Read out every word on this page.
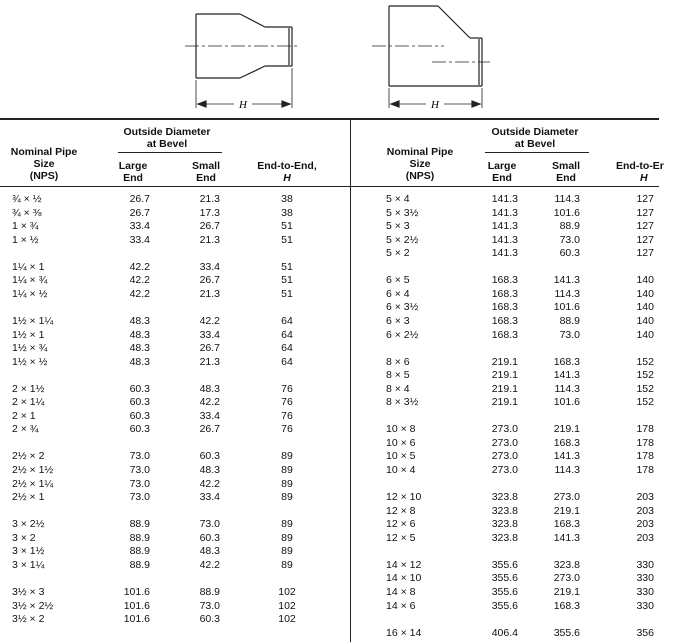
H	H
Outside Diameter
at Bevel
Nominal Pipe
Size
(NPS)
Large
End
Small
End
End-to-End,
H
Outside Diameter
at Bevel
Nominal Pipe
Size
(NPS)
Large
End
Small
End
End-to-Er
H
¾ × ½	26.7	21.3	38
¾ × ⅜	26.7	17.3	38
1 × ¾	33.4	26.7	51
1 × ½	33.4	21.3	51
1¼ × 1	42.2	33.4	51
1¼ × ¾	42.2	26.7	51
1¼ × ½	42.2	21.3	51
1½ × 1¼	48.3	42.2	64
1½ × 1	48.3	33.4	64
1½ × ¾	48.3	26.7	64
1½ × ½	48.3	21.3	64
2 × 1½	60.3	48.3	76
2 × 1¼	60.3	42.2	76
2 × 1	60.3	33.4	76
2 × ¾	60.3	26.7	76
2½ × 2	73.0	60.3	89
2½ × 1½	73.0	48.3	89
2½ × 1¼	73.0	42.2	89
2½ × 1	73.0	33.4	89
3 × 2½	88.9	73.0	89
3 × 2	88.9	60.3	89
3 × 1½	88.9	48.3	89
3 × 1¼	88.9	42.2	89
3½ × 3	101.6	88.9	102
3½ × 2½	101.6	73.0	102
3½ × 2	101.6	60.3	102
5 × 4	141.3	114.3	127
5 × 3½	141.3	101.6	127
5 × 3	141.3	88.9	127
5 × 2½	141.3	73.0	127
5 × 2	141.3	60.3	127
6 × 5	168.3	141.3	140
6 × 4	168.3	114.3	140
6 × 3½	168.3	101.6	140
6 × 3	168.3	88.9	140
6 × 2½	168.3	73.0	140
8 × 6	219.1	168.3	152
8 × 5	219.1	141.3	152
8 × 4	219.1	114.3	152
8 × 3½	219.1	101.6	152
10 × 8	273.0	219.1	178
10 × 6	273.0	168.3	178
10 × 5	273.0	141.3	178
10 × 4	273.0	114.3	178
12 × 10	323.8	273.0	203
12 × 8	323.8	219.1	203
12 × 6	323.8	168.3	203
12 × 5	323.8	141.3	203
14 × 12	355.6	323.8	330
14 × 10	355.6	273.0	330
14 × 8	355.6	219.1	330
14 × 6	355.6	168.3	330
16 × 14	406.4	355.6	356
